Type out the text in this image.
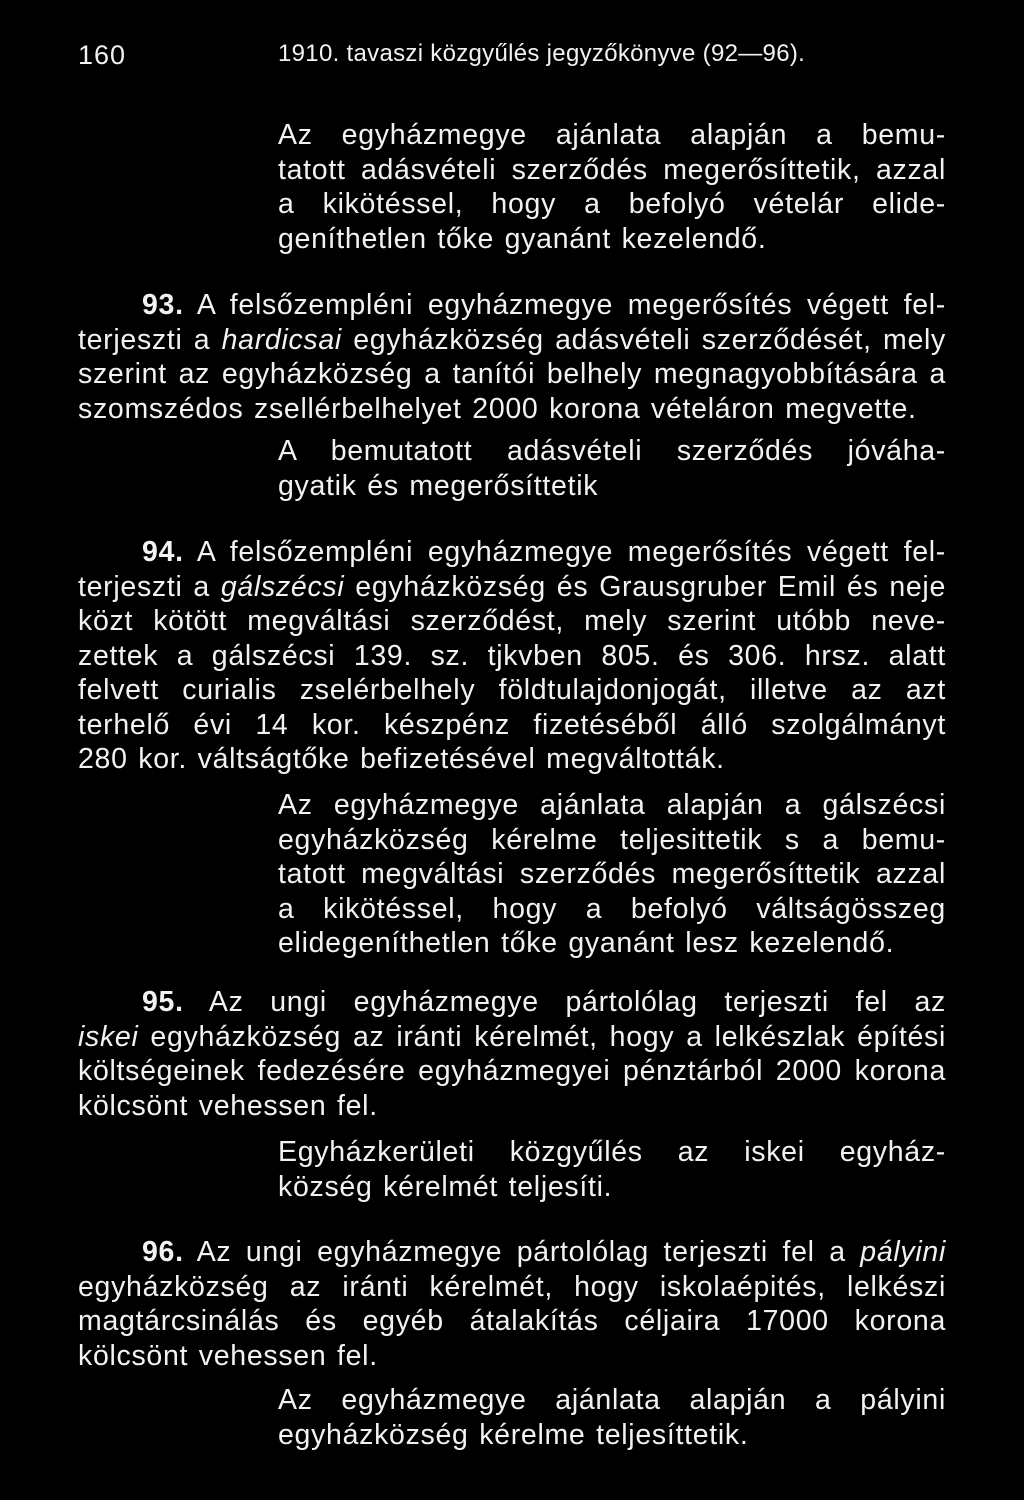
160	1910. tavaszi közgyűlés jegyzőkönyve (92—96).
Az egyházmegye ajánlata alapján a bemu-
tatott adásvételi szerződés megerősíttetik, azzal
a kikötéssel, hogy a befolyó vételár elide-
geníthetlen tőke gyanánt kezelendő.
93. A felsőzempléni egyházmegye megerősítés végett fel-
terjeszti a hardicsai egyházközség adásvételi szerződését, mely
szerint az egyházközség a tanítói belhely megnagyobbítására a
szomszédos zsellérbelhelyet 2000 korona vételáron megvette.
A bemutatott adásvételi szerződés jóváha-
gyatik és megerősíttetik
94. A felsőzempléni egyházmegye megerősítés végett fel-
terjeszti a gálszécsi egyházközség és Grausgruber Emil és neje
közt kötött megváltási szerződést, mely szerint utóbb neve-
zettek a gálszécsi 139. sz. tjkvben 805. és 306. hrsz. alatt
felvett curialis zselérbelhely földtulajdonjogát, illetve az azt
terhelő évi 14 kor. készpénz fizetéséből álló szolgálmányt
280 kor. váltságtőke befizetésével megváltották.
Az egyházmegye ajánlata alapján a gálszécsi
egyházközség kérelme teljesittetik s a bemu-
tatott megváltási szerződés megerősíttetik azzal
a kikötéssel, hogy a befolyó váltságösszeg
elidegeníthetlen tőke gyanánt lesz kezelendő.
95. Az ungi egyházmegye pártolólag terjeszti fel az
iskei egyházközség az iránti kérelmét, hogy a lelkészlak építési
költségeinek fedezésére egyházmegyei pénztárból 2000 korona
kölcsönt vehessen fel.
Egyházkerületi közgyűlés az iskei egyház-
község kérelmét teljesíti.
96. Az ungi egyházmegye pártolólag terjeszti fel a pályini
egyházközség az iránti kérelmét, hogy iskolaépités, lelkészi
magtárcsinálás és egyéb átalakítás céljaira 17000 korona
kölcsönt vehessen fel.
Az egyházmegye ajánlata alapján a pályini
egyházközség kérelme teljesíttetik.
